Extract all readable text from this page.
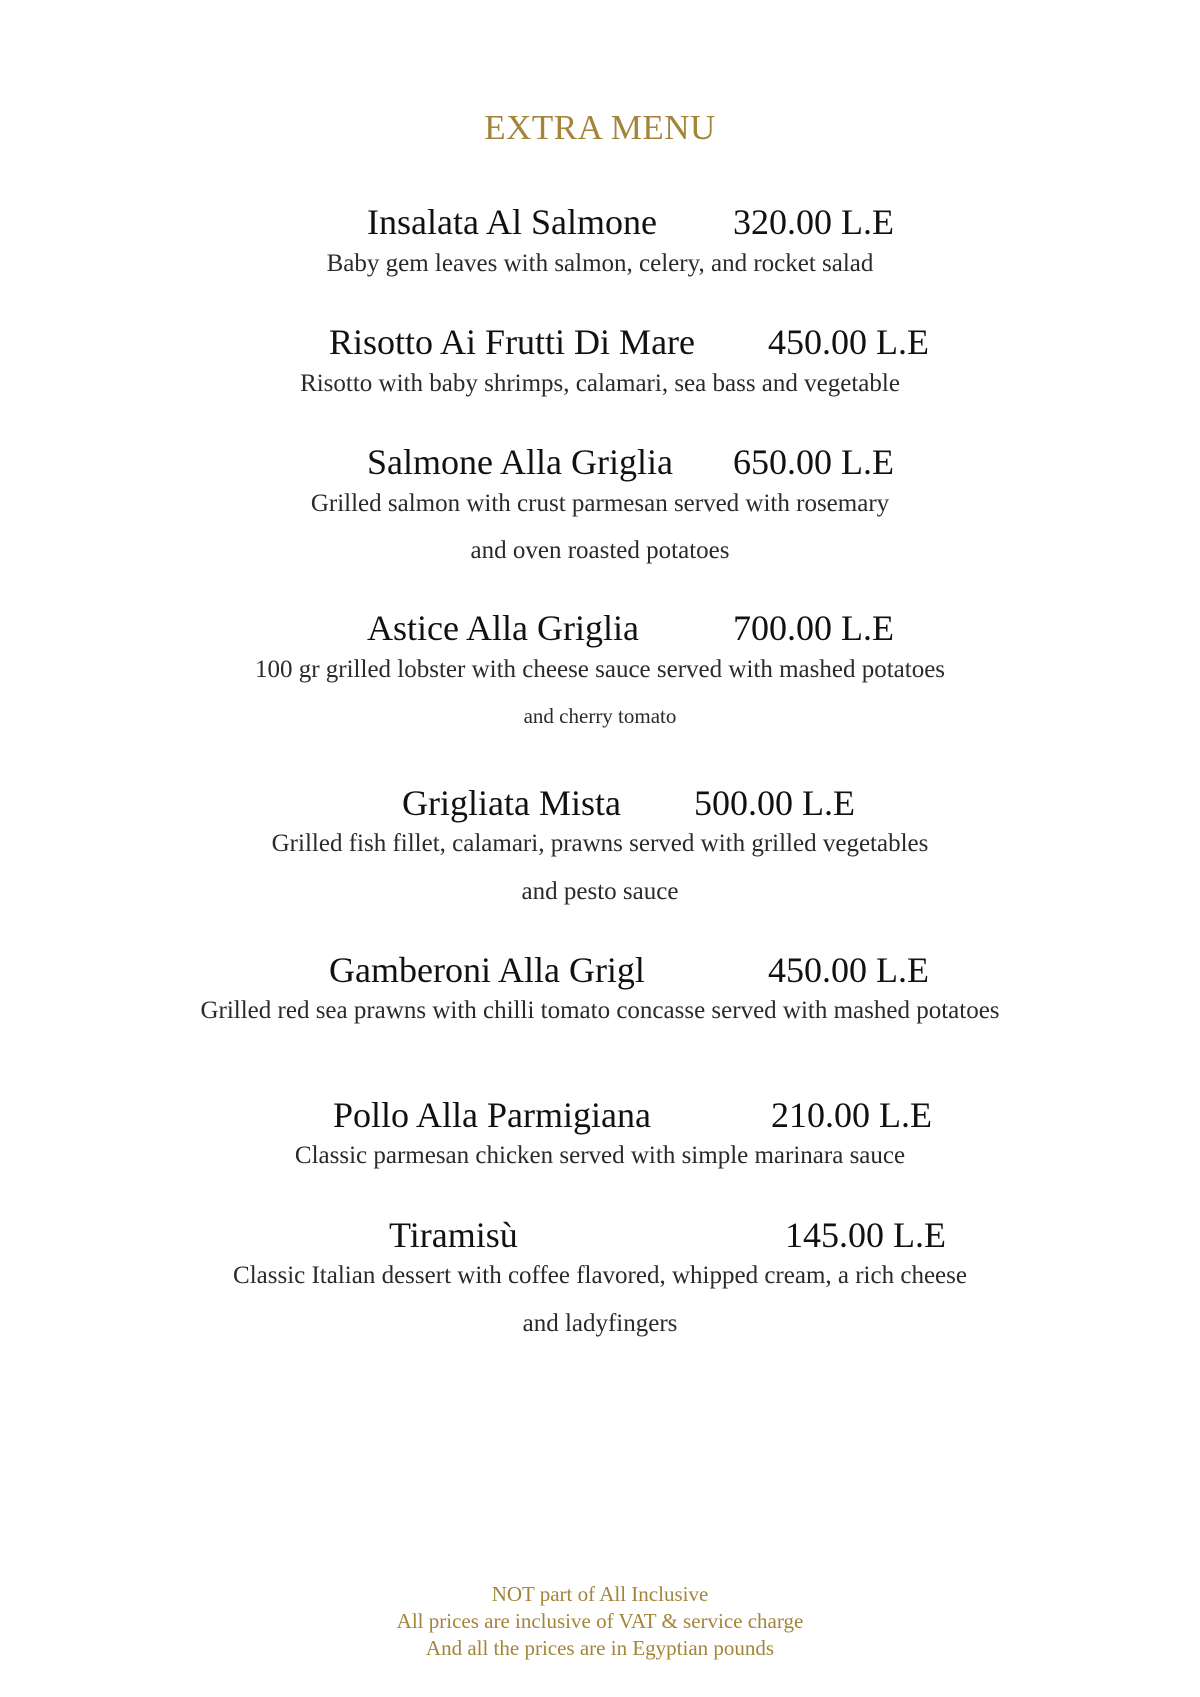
EXTRA MENU
Insalata Al Salmone 320.00 L.E
Baby gem leaves with salmon, celery, and rocket salad
Risotto Ai Frutti Di Mare 450.00 L.E
Risotto with baby shrimps, calamari, sea bass and vegetable
Salmone Alla Griglia 650.00 L.E
Grilled salmon with crust parmesan served with rosemary
and oven roasted potatoes
Astice Alla Griglia	700.00 L.E
100 gr grilled lobster with cheese sauce served with mashed potatoes
and cherry tomato
Grigliata Mista 500.00 L.E
Grilled fish fillet, calamari, prawns served with grilled vegetables
and pesto sauce
Gamberoni Alla Grigl	450.00 L.E
Grilled red sea prawns with chilli tomato concasse served with mashed potatoes
Pollo Alla Parmigiana	210.00 L.E
Classic parmesan chicken served with simple marinara sauce
Tiramisù	145.00 L.E
Classic Italian dessert with coffee flavored, whipped cream, a rich cheese
and ladyfingers
NOT part of All Inclusive
All prices are inclusive of VAT & service charge
And all the prices are in Egyptian pounds
